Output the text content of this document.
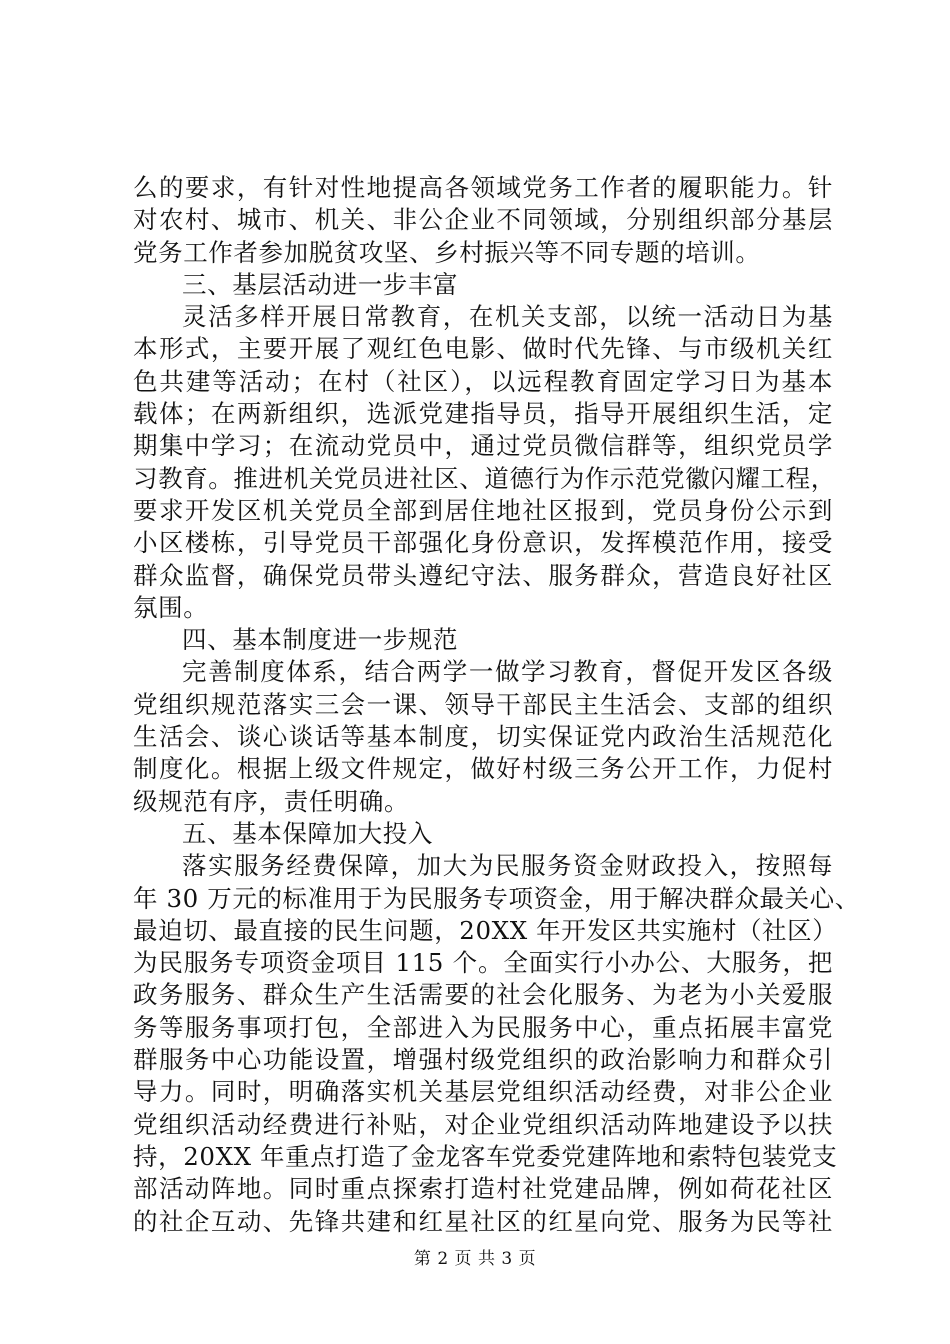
么的要求，有针对性地提高各领域党务工作者的履职能力。针
对农村、城市、机关、非公企业不同领域，分别组织部分基层
党务工作者参加脱贫攻坚、乡村振兴等不同专题的培训。
三、基层活动进一步丰富
灵活多样开展日常教育，在机关支部，以统一活动日为基
本形式，主要开展了观红色电影、做时代先锋、与市级机关红
色共建等活动；在村（社区），以远程教育固定学习日为基本
载体；在两新组织，选派党建指导员，指导开展组织生活，定
期集中学习；在流动党员中，通过党员微信群等，组织党员学
习教育。推进机关党员进社区、道德行为作示范党徽闪耀工程，
要求开发区机关党员全部到居住地社区报到，党员身份公示到
小区楼栋，引导党员干部强化身份意识，发挥模范作用，接受
群众监督，确保党员带头遵纪守法、服务群众，营造良好社区
氛围。
四、基本制度进一步规范
完善制度体系，结合两学一做学习教育，督促开发区各级
党组织规范落实三会一课、领导干部民主生活会、支部的组织
生活会、谈心谈话等基本制度，切实保证党内政治生活规范化
制度化。根据上级文件规定，做好村级三务公开工作，力促村
级规范有序，责任明确。
五、基本保障加大投入
落实服务经费保障，加大为民服务资金财政投入，按照每
年 30 万元的标准用于为民服务专项资金，用于解决群众最关心、
最迫切、最直接的民生问题，20XX 年开发区共实施村（社区）
为民服务专项资金项目 115 个。全面实行小办公、大服务，把
政务服务、群众生产生活需要的社会化服务、为老为小关爱服
务等服务事项打包，全部进入为民服务中心，重点拓展丰富党
群服务中心功能设置，增强村级党组织的政治影响力和群众引
导力。同时，明确落实机关基层党组织活动经费，对非公企业
党组织活动经费进行补贴，对企业党组织活动阵地建设予以扶
持，20XX 年重点打造了金龙客车党委党建阵地和索特包装党支
部活动阵地。同时重点探索打造村社党建品牌，例如荷花社区
的社企互动、先锋共建和红星社区的红星向党、服务为民等社
第 2 页 共 3 页
